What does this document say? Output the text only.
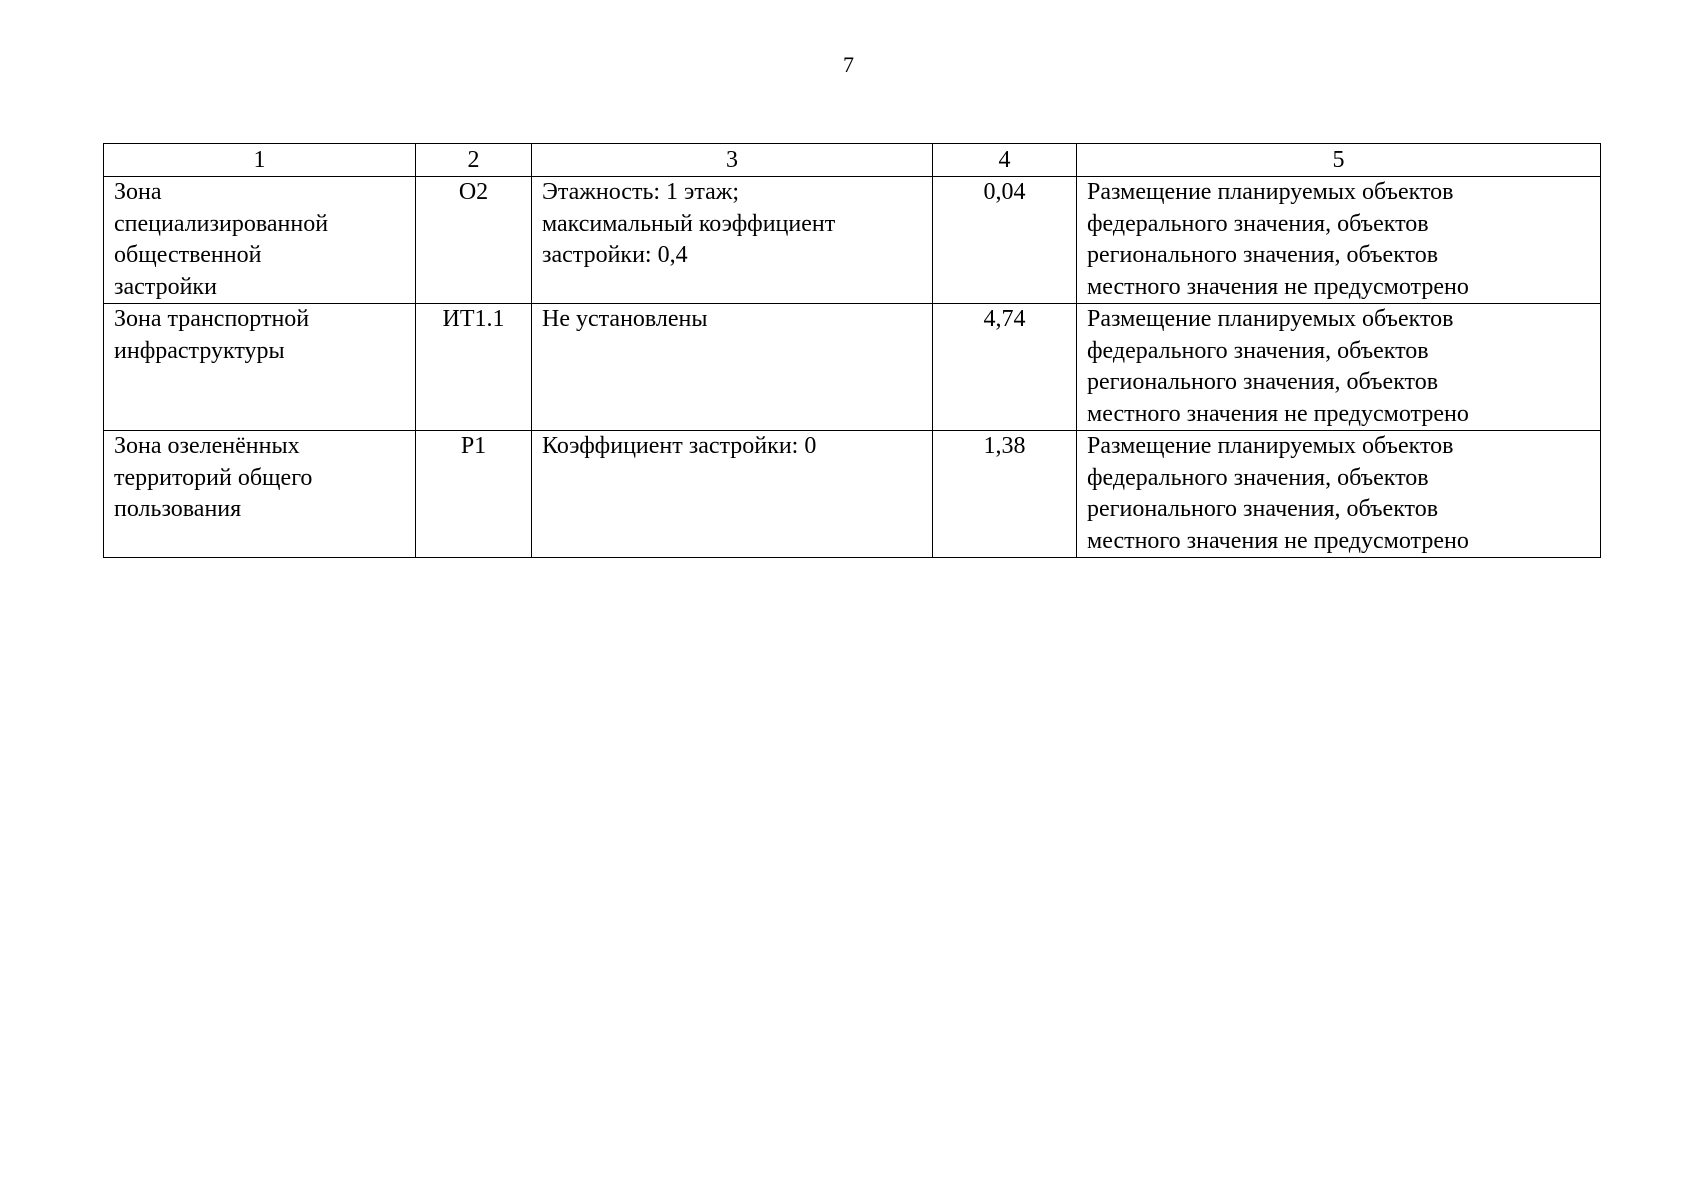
7
1	2	3	4	5

Зона
специализированной
общественной
застройки	О2	Этажность: 1 этаж;
максимальный коэффициент
застройки: 0,4	0,04	Размещение планируемых объектов
федерального значения, объектов
регионального значения, объектов
местного значения не предусмотрено

Зона транспортной
инфраструктуры	ИТ1.1	Не установлены	4,74	Размещение планируемых объектов
федерального значения, объектов
регионального значения, объектов
местного значения не предусмотрено

Зона озеленённых
территорий общего
пользования	Р1	Коэффициент застройки: 0	1,38	Размещение планируемых объектов
федерального значения, объектов
регионального значения, объектов
местного значения не предусмотрено
